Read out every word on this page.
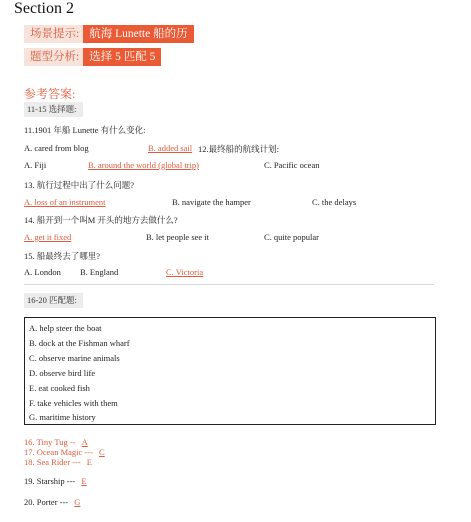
Section 2
场景提示: 航海 Lunette 船的历
题型分析: 选择 5 匹配 5
参考答案:
11-15 选择题:
11.1901 年船 Lunette 有什么变化:
A. cared from blog	B. added sail 12.最终船的航线计划:
A. Fiji	B. around the world (global trip)	C. Pacific ocean
13. 航行过程中出了什么问题?
A. loss of an instrument	B. navigate the hamper	C. the delays
14. 船开到一个叫M 开头的地方去做什么?
A. get it fixed	B. let people see it	C. quite popular
15. 船最终去了哪里?
A. London B. England	C. Victoria
16-20 匹配题:
A. help steer the boat
B. dock at the Fishman wharf
C. observe marine animals
D. observe bird life
E. eat cooked fish
F. take vehicles with them
G. maritime history
16. Tiny Tug -- A
17. Ocean Magic --- C
18. Sea Rider --- E
19. Starship --- E
20. Porter --- G
